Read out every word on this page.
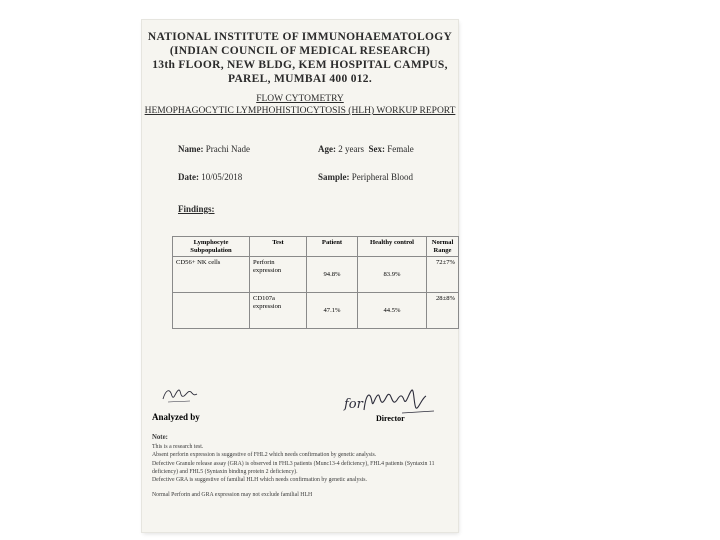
NATIONAL INSTITUTE OF IMMUNOHAEMATOLOGY
(INDIAN COUNCIL OF MEDICAL RESEARCH)
13th FLOOR, NEW BLDG, KEM HOSPITAL CAMPUS,
PAREL, MUMBAI 400 012.
FLOW CYTOMETRY
HEMOPHAGOCYTIC LYMPHOHISTIOCYTOSIS (HLH) WORKUP REPORT
Name: Prachi Nade	Age: 2 years Sex: Female
Date: 10/05/2018	Sample: Peripheral Blood
Findings:
Lymphocyte Subpopulation	Test	Patient	Healthy control	Normal Range
CD56+ NK cells	Perforin expression	94.8%	83.9%	72±7%
	CD107a expression	47.1%	44.5%	28±8%
for
Analyzed by	Director
Note:
This is a research test.
Absent perforin expression is suggestive of FHL2 which needs confirmation by genetic analysis.
Defective Granule release assay (GRA) is observed in FHL3 patients (Munc13-4 deficiency), FHL4 patients (Syntaxin 11 deficiency) and FHL5 (Syntaxin binding protein 2 deficiency).
Defective GRA is suggestive of familial HLH which needs confirmation by genetic analysis.
Normal Perforin and GRA expression may not exclude familial HLH
